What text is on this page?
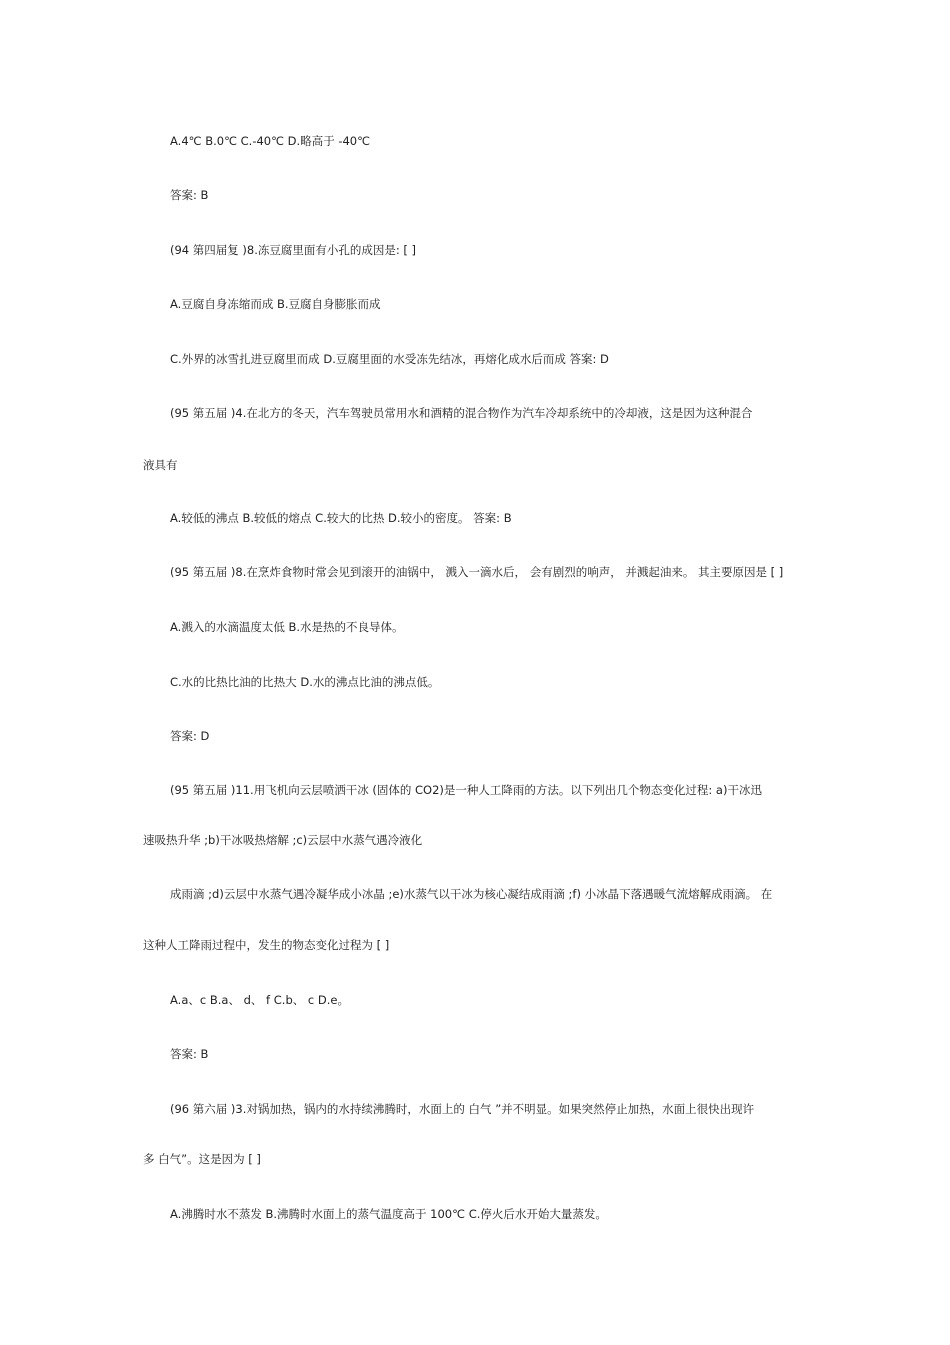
A.4℃ B.0℃ C.-40℃ D.略高于 -40℃
答案: B
(94 第四届复 )8.冻豆腐里面有小孔的成因是: [ ]
A.豆腐自身冻缩而成 B.豆腐自身膨胀而成
C.外界的冰雪扎进豆腐里而成 D.豆腐里面的水受冻先结冰，再熔化成水后而成 答案: D
(95 第五届 )4.在北方的冬天，汽车驾驶员常用水和酒精的混合物作为汽车冷却系统中的冷却液，这是因为这种混合
液具有
A.较低的沸点 B.较低的熔点 C.较大的比热 D.较小的密度。 答案: B
(95 第五届 )8.在烹炸食物时常会见到滚开的油锅中， 溅入一滴水后， 会有剧烈的响声， 并溅起油来。 其主要原因是 [ ]
A.溅入的水滴温度太低 B.水是热的不良导体。
C.水的比热比油的比热大 D.水的沸点比油的沸点低。
答案: D
(95 第五届 )11.用飞机向云层喷洒干冰 (固体的 CO2)是一种人工降雨的方法。以下列出几个物态变化过程: a)干冰迅
速吸热升华 ;b)干冰吸热熔解 ;c)云层中水蒸气遇冷液化
成雨滴 ;d)云层中水蒸气遇冷凝华成小冰晶 ;e)水蒸气以干冰为核心凝结成雨滴 ;f) 小冰晶下落遇暖气流熔解成雨滴。 在
这种人工降雨过程中，发生的物态变化过程为 [ ]
A.a、c B.a、 d、 f C.b、 c D.e。
答案: B
(96 第六届 )3.对锅加热，锅内的水持续沸腾时，水面上的 白气 ”并不明显。如果突然停止加热，水面上很快出现许
多 白气”。这是因为 [ ]
A.沸腾时水不蒸发 B.沸腾时水面上的蒸气温度高于 100℃ C.停火后水开始大量蒸发。
